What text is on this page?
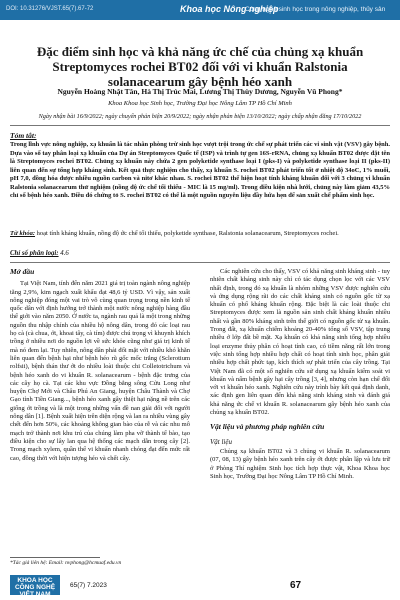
DOI: 10.31276/VJST.65(7).67-72	Khoa học Nông nghiệp
Công nghệ sinh học trong nông nghiệp, thủy sản
Đặc điểm sinh học và khả năng ức chế của chủng xạ khuẩn Streptomyces rochei BT02 đối với vi khuẩn Ralstonia solanacearum gây bệnh héo xanh
Nguyễn Hoàng Nhật Tân, Hà Thị Trúc Mai, Lương Thị Thùy Dương, Nguyễn Vũ Phong*
Khoa Khoa học Sinh học, Trường Đại học Nông Lâm TP Hồ Chí Minh
Ngày nhận bài 16/9/2022; ngày chuyển phản biện 20/9/2022; ngày nhận phản biện 13/10/2022; ngày chấp nhận đăng 17/10/2022
Tóm tắt:
Trong lĩnh vực nông nghiệp, xạ khuẩn là tác nhân phòng trừ sinh học vượt trội trong ức chế sự phát triển các vi sinh vật (VSV) gây bệnh. Dựa vào số tay phân loại xạ khuẩn của Dự án Streptomyces Quốc tế (ISP) và trình tự gen 16S-rRNA, chủng xạ khuẩn BT02 được đặt tên là Streptomyces rochei BT02. Chủng xạ khuẩn này chứa 2 gen polyketide synthase loại I (pks-I) và polyketide synthase loại II (pks-II) liên quan đến sự tổng hợp kháng sinh. Kết quả thực nghiệm cho thấy, xạ khuẩn S. rochei BT02 phát triển tốt ở nhiệt độ 34oC, 1% muối, pH 7,0, đồng hóa được nhiều nguồn carbon và nitơ khác nhau. S. rochei BT02 thể hiện hoạt tính kháng khuẩn đối với 3 chủng vi khuẩn Ralstonia solanacearum thử nghiệm (nồng độ ức chế tối thiểu - MIC là 15 mg/ml). Trong điều kiện nhà lưới, chủng này làm giảm 43,5% chỉ số bệnh héo xanh. Điều đó chứng tỏ S. rochei BT02 có thể là một nguồn nguyên liệu đầy hứa hẹn để sản xuất chế phẩm sinh học.
Từ khóa: hoạt tính kháng khuẩn, nồng độ ức chế tối thiểu, polyketide synthase, Ralstonia solanacearum, Streptomyces rochei.
Chỉ số phân loại: 4.6
Mở đầu

Tại Việt Nam, tính đến năm 2021 giá trị toàn ngành nông nghiệp tăng 2,9%, kim ngạch xuất khẩu đạt 48,6 tỷ USD. Vì vậy, sản xuất nông nghiệp đóng một vai trò vô cùng quan trọng trong nền kinh tế quốc dân với định hướng trở thành một nước nông nghiệp hàng đầu thế giới vào năm 2050. Ở nước ta, ngành rau quả là một trong những nguồn thu nhập chính của nhiều hộ nông dân, trong đó các loại rau họ cà (cà chua, ớt, khoai tây, cà tím) được chú trọng vì khuynh khích trồng ở nhiều nơi do nguồn lợi về sức khỏe cũng như giá trị kinh tế mà nó đem lại. Tuy nhiên, nông dân phải đối mặt với nhiều khó khăn liên quan đến bệnh hại như bệnh héo rũ gốc mốc trắng (Sclerotium rolfsii), bệnh thán thư ớt do nhiều loài thuộc chi Colletotrichum và bệnh héo xanh do vi khuẩn R. solanacearum - bệnh đặc trưng của các cây họ cà. Tại các khu vực Đồng bằng sông Cửu Long như huyện Chợ Mới và Châu Phú An Giang, huyện Châu Thành và Chợ Gạo tỉnh Tiền Giang..., bệnh héo xanh gây thiệt hại nặng nề trên các giống ớt trồng và là một trong những vấn đề nan giải đối với người nông dân [1]. Bệnh xuất hiện trên diện rộng và lan ra nhiều vùng gây chết đến hơn 50%, các khoảng không gian bào của rễ và các nhu mô mạch trở thành nơi khu trú của chúng làm pha vỡ thành tế bào, tạo điều kiện cho sự lây lan qua hệ thống các mạch dẫn trong cây [2]. Trong mạch xylem, quần thể vi khuẩn nhanh chóng đạt đến mức rất cao, đồng thời với hiện tượng héo và chết cây.

Các nghiên cứu cho thấy, VSV có khả năng sinh kháng sinh - tuy nhiên chất kháng sinh này chỉ có tác dụng chọn lọc với các VSV nhất định, trong đó xạ khuẩn là nhóm những VSV được nghiên cứu và ứng dụng rộng rãi do các chất kháng sinh có nguồn gốc từ xạ khuẩn có phổ kháng khuẩn rộng. Đặc biệt là các loài thuộc chi Streptomyces được xem là nguồn sản sinh chất kháng khuẩn nhiều nhất và gần 80% kháng sinh trên thế giới có nguồn gốc từ xạ khuẩn. Trong đất, xạ khuẩn chiếm khoảng 20-40% tổng số VSV, tập trung nhiều ở lớp đất bề mặt. Xạ khuẩn có khả năng sinh tổng hợp nhiều loại enzyme thủy phân có hoạt tính cao, có tiềm năng rất lớn trong việc sinh tổng hợp nhiều hợp chất có hoạt tính sinh học, phân giải nhiều hợp chất phức tạp, kích thích sự phát triển của cây trồng. Tại Việt Nam đã có một số nghiên cứu sử dụng xạ khuẩn kiểm soát vi khuẩn và nấm bệnh gây hại cây trồng [3, 4], nhưng còn hạn chế đối với vi khuẩn héo xanh. Nghiên cứu này trình bày kết quả định danh, xác định gen liên quan đến khả năng sinh kháng sinh và đánh giá khả năng ức chế vi khuẩn R. solanacearum gây bệnh héo xanh của chủng xạ khuẩn BT02.

Vật liệu và phương pháp nghiên cứu
Vật liệu

Chủng xạ khuẩn BT02 và 3 chủng vi khuẩn R. solanacearum (07, 08, 13) gây bệnh héo xanh trên cây ớt được phân lập và lưu trữ ở Phòng Thí nghiệm Sinh học tích hợp thực vật, Khoa Khoa học Sinh học, Trường Đại học Nông Lâm TP Hồ Chí Minh.

*Tác giả liên hệ: Email: nvphong@hcmuaf.edu.vn
KHOA HỌC CÔNG NGHỆ VIỆT NAM
65(7) 7.2023	67
